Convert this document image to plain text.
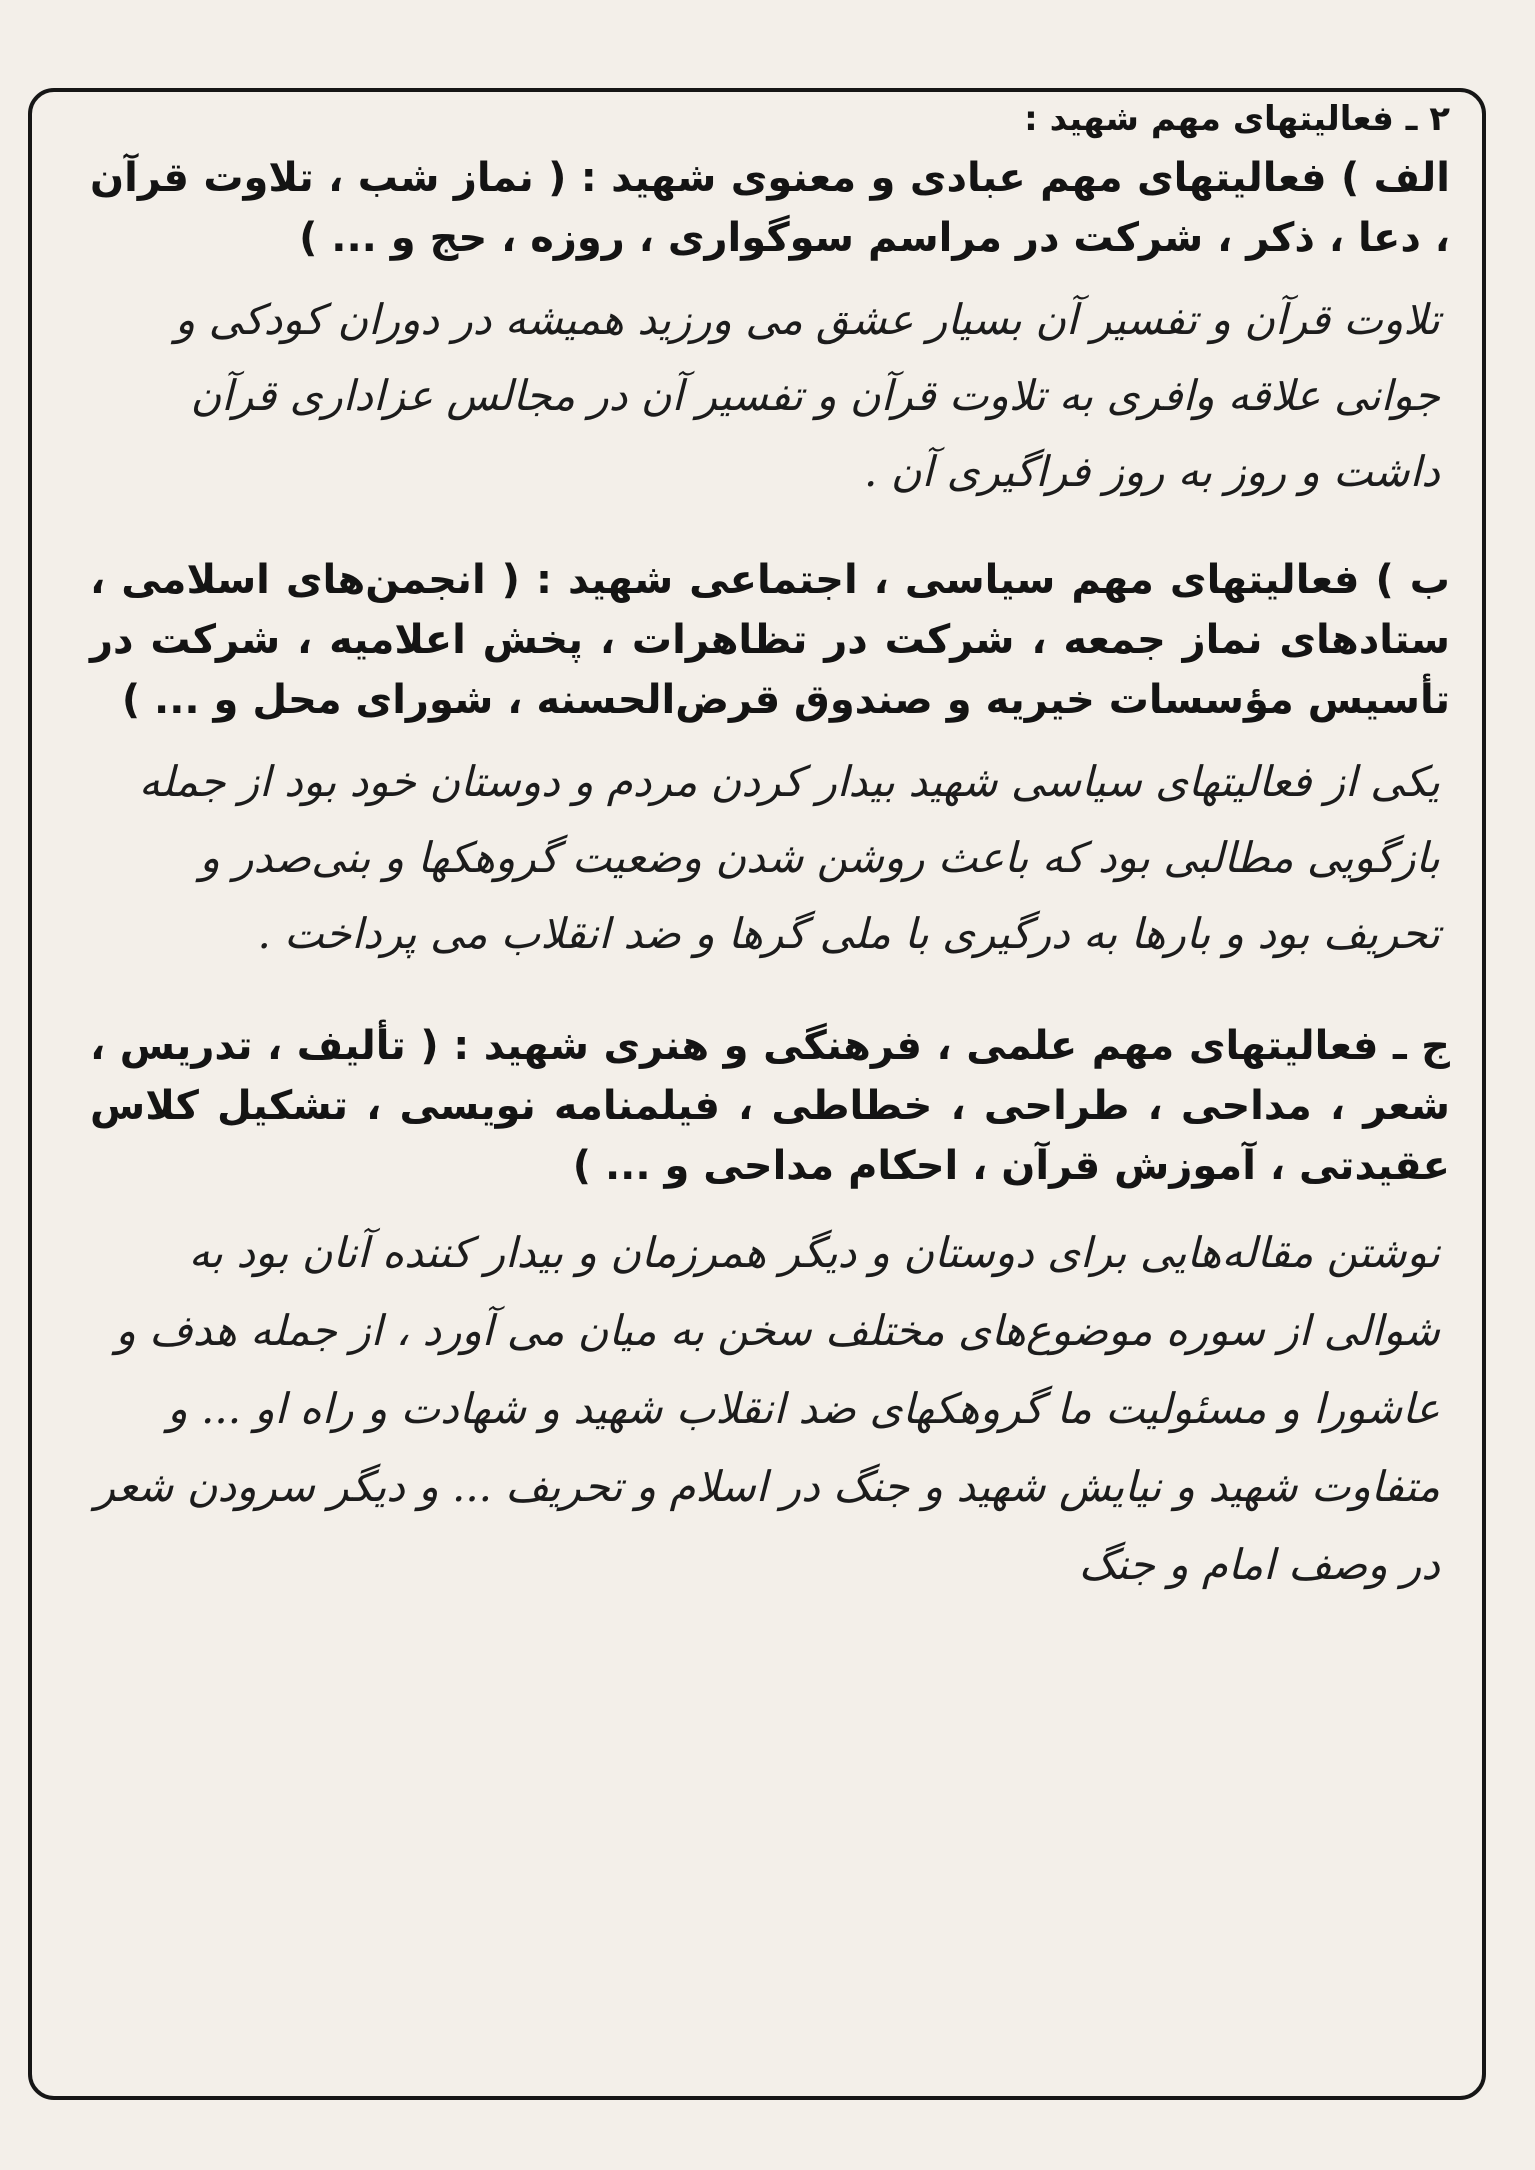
۲ ـ فعالیتهای مهم شهید :

الف ) فعالیتهای مهم عبادی و معنوی شهید : ( نماز شب ، تلاوت قرآن ، دعا ، ذکر ، شرکت در مراسم سوگواری ، روزه ، حج و ... )

تلاوت قرآن و تفسیر آن بسیار عشق می ورزید همیشه در دوران کودکی و جوانی علاقه وافری به تلاوت قرآن و تفسیر آن در مجالس عزاداری قرآن داشت و روز به روز فراگیری آن .

ب ) فعالیتهای مهم سیاسی ، اجتماعی شهید : ( انجمن‌های اسلامی ، ستادهای نماز جمعه ، شرکت در تظاهرات ، پخش اعلامیه ، شرکت در تأسیس مؤسسات خیریه و صندوق قرض‌الحسنه ، شورای محل و ... )

یکی از فعالیتهای سیاسی شهید بیدار کردن مردم و دوستان خود بود از جمله بازگویی مطالبی بود که باعث روشن شدن وضعیت گروهکها و بنی‌صدر و تحریف بود و بارها به درگیری با ملی گرها و ضد انقلاب می پرداخت .

ج ـ فعالیتهای مهم علمی ، فرهنگی و هنری شهید : ( تألیف ، تدریس ، شعر ، مداحی ، طراحی ، خطاطی ، فیلمنامه نویسی ، تشکیل کلاس عقیدتی ، آموزش قرآن ، احکام مداحی و ... )

نوشتن مقاله‌هایی برای دوستان و دیگر همرزمان و بیدار کننده آنان بود به شوالی از سوره موضوع‌های مختلف سخن به میان می آورد ، از جمله هدف و عاشورا و مسئولیت ما گروهکهای ضد انقلاب شهید و شهادت و راه او ... و متفاوت شهید و نیایش شهید و جنگ در اسلام و تحریف ... و دیگر سرودن شعر در وصف امام و جنگ
